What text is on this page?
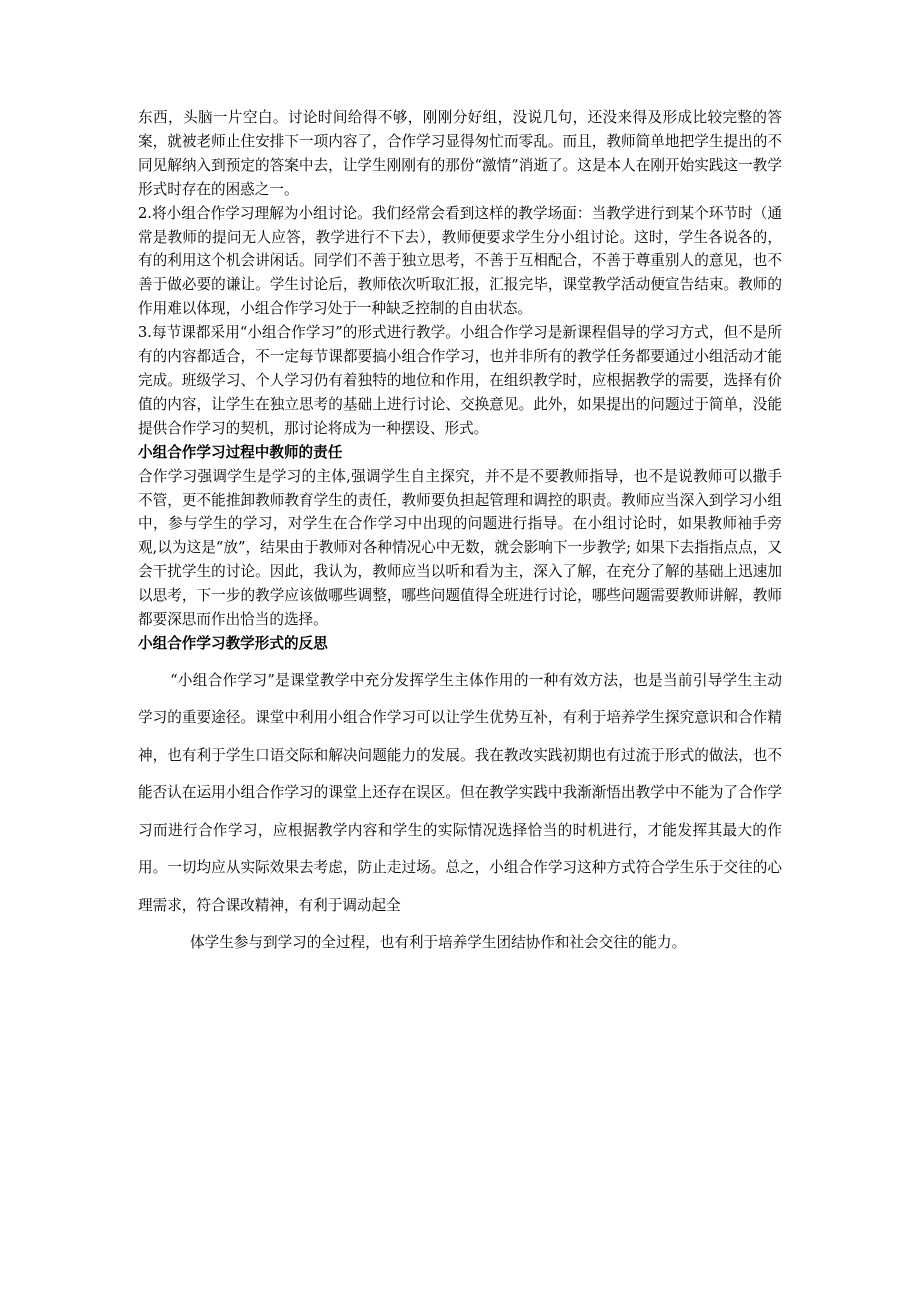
东西，头脑一片空白。讨论时间给得不够，刚刚分好组，没说几句，还没来得及形成比较完整的答案，就被老师止住安排下一项内容了，合作学习显得匆忙而零乱。而且，教师简单地把学生提出的不同见解纳入到预定的答案中去，让学生刚刚有的那份“激情”消逝了。这是本人在刚开始实践这一教学形式时存在的困惑之一。

2.将小组合作学习理解为小组讨论。我们经常会看到这样的教学场面：当教学进行到某个环节时（通常是教师的提问无人应答，教学进行不下去），教师便要求学生分小组讨论。这时，学生各说各的，有的利用这个机会讲闲话。同学们不善于独立思考，不善于互相配合，不善于尊重别人的意见，也不善于做必要的谦让。学生讨论后，教师依次听取汇报，汇报完毕，课堂教学活动便宣告结束。教师的作用难以体现，小组合作学习处于一种缺乏控制的自由状态。

3.每节课都采用“小组合作学习”的形式进行教学。小组合作学习是新课程倡导的学习方式，但不是所有的内容都适合，不一定每节课都要搞小组合作学习，也并非所有的教学任务都要通过小组活动才能完成。班级学习、个人学习仍有着独特的地位和作用，在组织教学时，应根据教学的需要，选择有价值的内容，让学生在独立思考的基础上进行讨论、交换意见。此外，如果提出的问题过于简单，没能提供合作学习的契机，那讨论将成为一种摆设、形式。

小组合作学习过程中教师的责任

合作学习强调学生是学习的主体,强调学生自主探究，并不是不要教师指导，也不是说教师可以撒手不管，更不能推卸教师教育学生的责任，教师要负担起管理和调控的职责。教师应当深入到学习小组中，参与学生的学习，对学生在合作学习中出现的问题进行指导。在小组讨论时，如果教师袖手旁观,以为这是“放”，结果由于教师对各种情况心中无数，就会影响下一步教学; 如果下去指指点点，又会干扰学生的讨论。因此，我认为，教师应当以听和看为主，深入了解，在充分了解的基础上迅速加以思考，下一步的教学应该做哪些调整，哪些问题值得全班进行讨论，哪些问题需要教师讲解，教师都要深思而作出恰当的选择。

小组合作学习教学形式的反思

“小组合作学习”是课堂教学中充分发挥学生主体作用的一种有效方法，也是当前引导学生主动学习的重要途径。课堂中利用小组合作学习可以让学生优势互补，有利于培养学生探究意识和合作精神，也有利于学生口语交际和解决问题能力的发展。我在教改实践初期也有过流于形式的做法，也不能否认在运用小组合作学习的课堂上还存在误区。但在教学实践中我渐渐悟出教学中不能为了合作学习而进行合作学习，应根据教学内容和学生的实际情况选择恰当的时机进行，才能发挥其最大的作用。一切均应从实际效果去考虑，防止走过场。总之，小组合作学习这种方式符合学生乐于交往的心理需求，符合课改精神，有利于调动起全

体学生参与到学习的全过程，也有利于培养学生团结协作和社会交往的能力。
